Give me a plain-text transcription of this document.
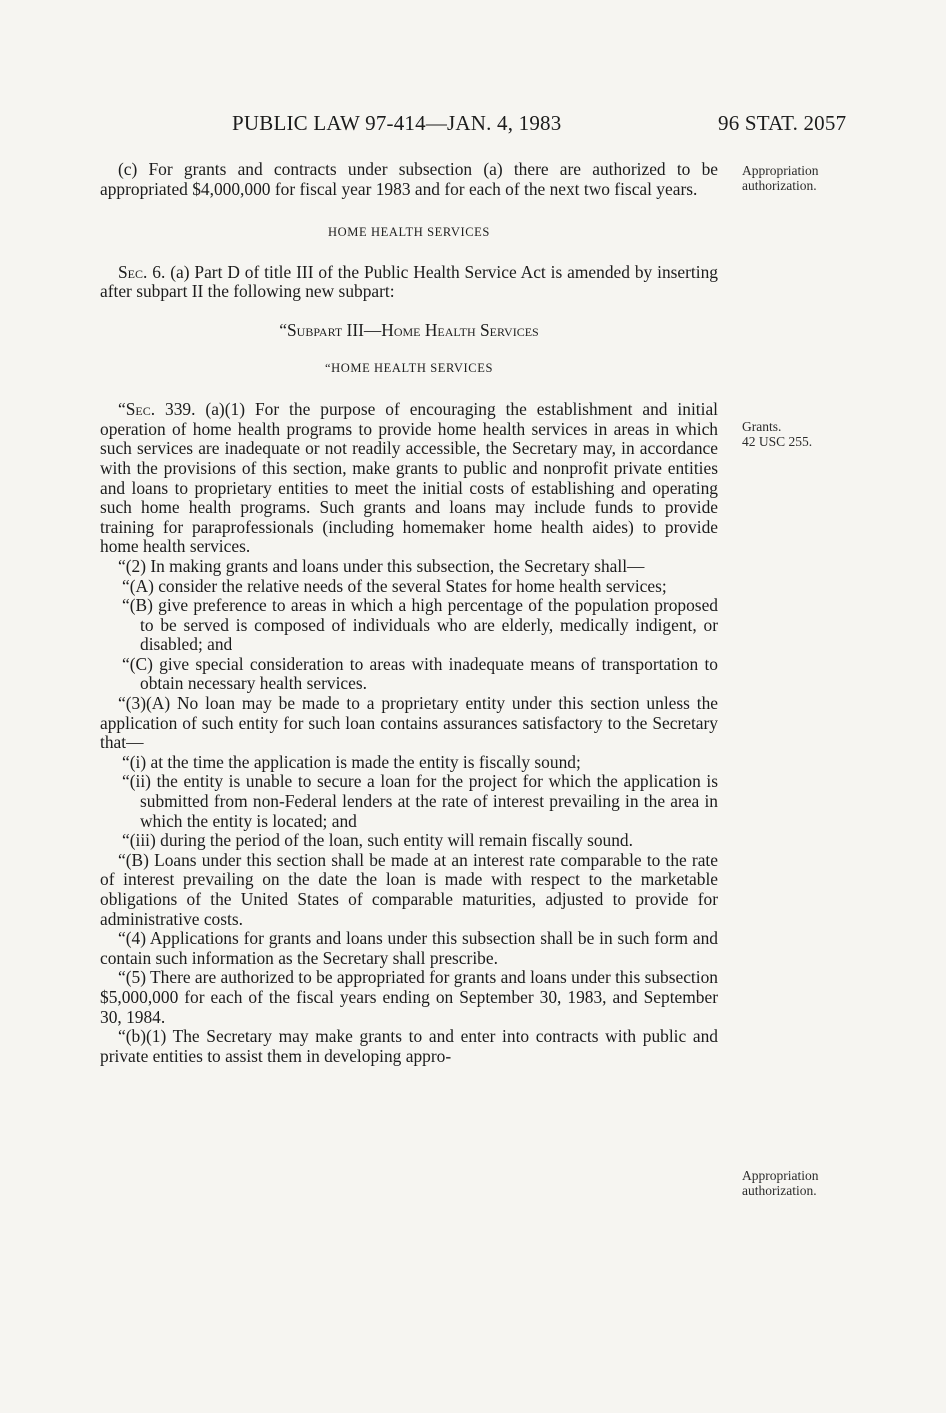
PUBLIC LAW 97-414—JAN. 4, 1983	96 STAT. 2057
Appropriation
authorization.
Grants.
42 USC 255.
Appropriation
authorization.

(c) For grants and contracts under subsection (a) there are authorized to be appropriated $4,000,000 for fiscal year 1983 and for each of the next two fiscal years.

HOME HEALTH SERVICES

Sec. 6. (a) Part D of title III of the Public Health Service Act is amended by inserting after subpart II the following new subpart:

“Subpart III—Home Health Services

“HOME HEALTH SERVICES

“Sec. 339. (a)(1) For the purpose of encouraging the establishment and initial operation of home health programs to provide home health services in areas in which such services are inadequate or not readily accessible, the Secretary may, in accordance with the provisions of this section, make grants to public and nonprofit private entities and loans to proprietary entities to meet the initial costs of establishing and operating such home health programs. Such grants and loans may include funds to provide training for paraprofessionals (including homemaker home health aides) to provide home health services.

“(2) In making grants and loans under this subsection, the Secretary shall—

“(A) consider the relative needs of the several States for home health services;

“(B) give preference to areas in which a high percentage of the population proposed to be served is composed of individuals who are elderly, medically indigent, or disabled; and

“(C) give special consideration to areas with inadequate means of transportation to obtain necessary health services.

“(3)(A) No loan may be made to a proprietary entity under this section unless the application of such entity for such loan contains assurances satisfactory to the Secretary that—

“(i) at the time the application is made the entity is fiscally sound;

“(ii) the entity is unable to secure a loan for the project for which the application is submitted from non-Federal lenders at the rate of interest prevailing in the area in which the entity is located; and

“(iii) during the period of the loan, such entity will remain fiscally sound.

“(B) Loans under this section shall be made at an interest rate comparable to the rate of interest prevailing on the date the loan is made with respect to the marketable obligations of the United States of comparable maturities, adjusted to provide for administrative costs.

“(4) Applications for grants and loans under this subsection shall be in such form and contain such information as the Secretary shall prescribe.

“(5) There are authorized to be appropriated for grants and loans under this subsection $5,000,000 for each of the fiscal years ending on September 30, 1983, and September 30, 1984.

“(b)(1) The Secretary may make grants to and enter into contracts with public and private entities to assist them in developing appro-
